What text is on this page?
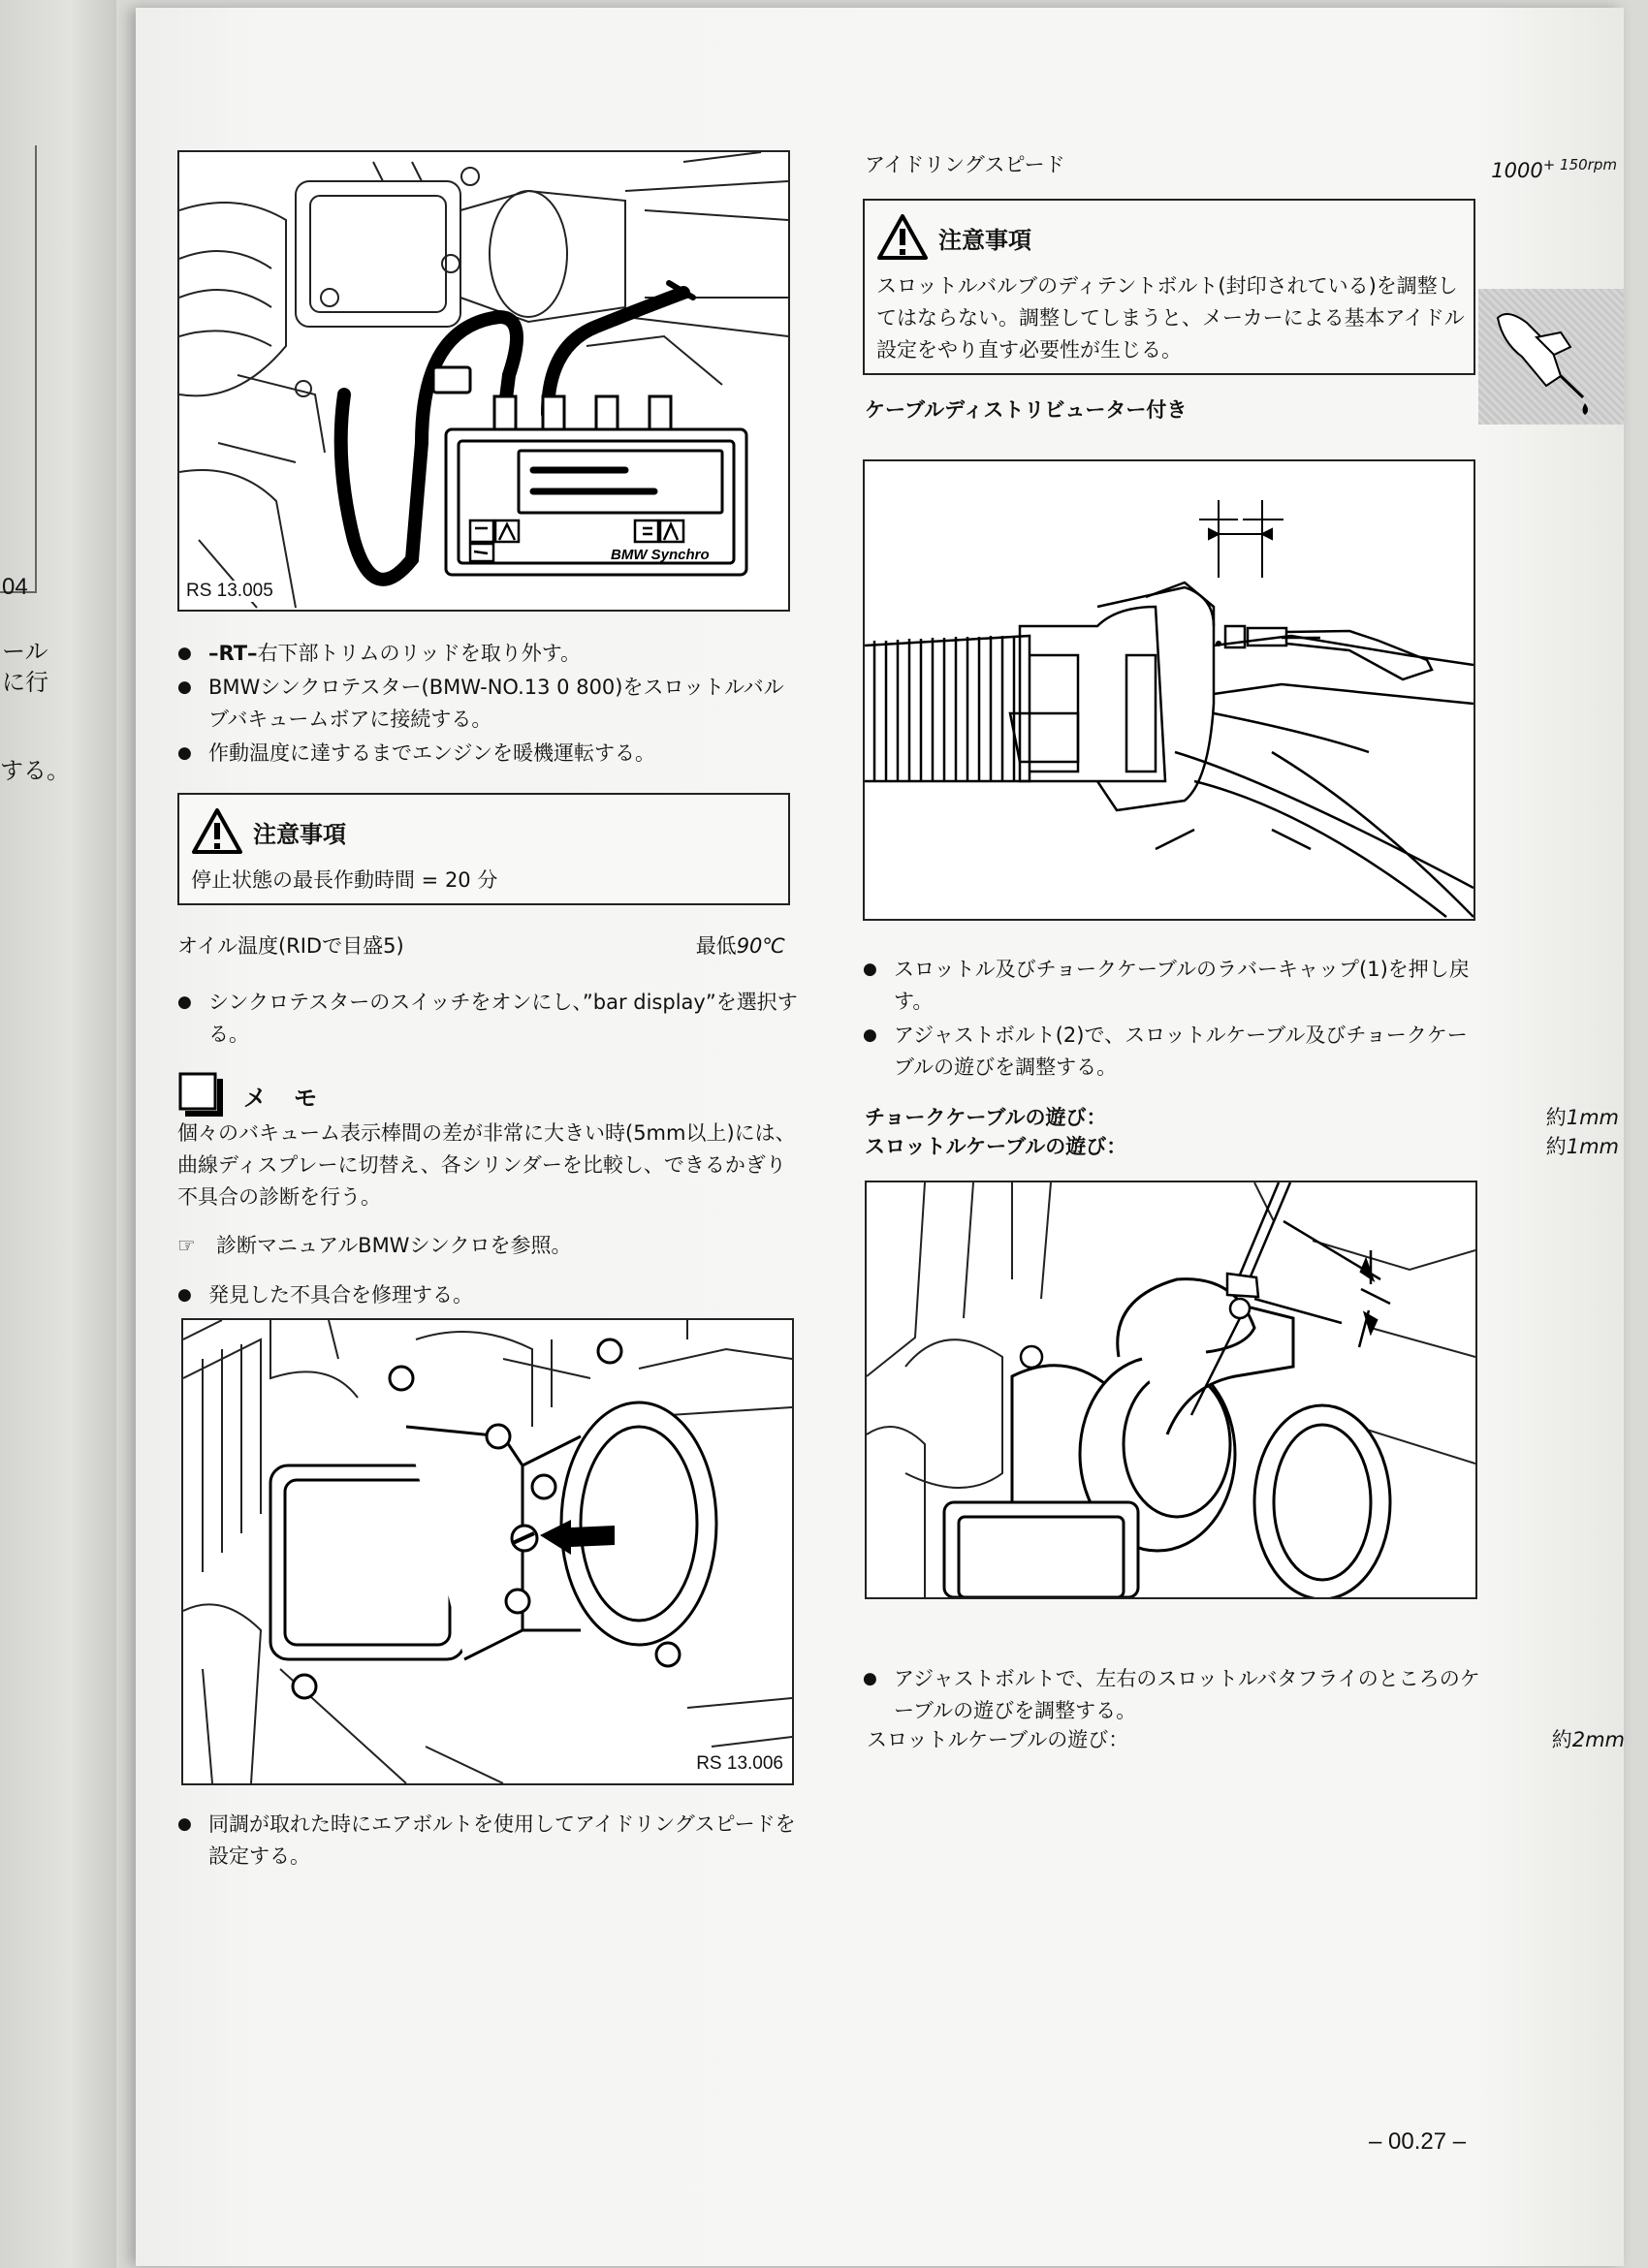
04
ール
に行
する。
BMW Synchro
RS 13.005
● –RT–右下部トリムのリッドを取り外す。
● BMWシンクロテスター(BMW-NO.13 0 800)をスロットルバルブバキュームボアに接続する。
● 作動温度に達するまでエンジンを暖機運転する。
注意事項
停止状態の最長作動時間 = 20 分
オイル温度(RIDで目盛5)	最低90℃
● シンクロテスターのスイッチをオンにし、”bar display”を選択する。
メ　モ
個々のバキューム表示棒間の差が非常に大きい時(5mm以上)には、曲線ディスプレーに切替え、各シリンダーを比較し、できるかぎり不具合の診断を行う。
☞ 診断マニュアルBMWシンクロを参照。
● 発見した不具合を修理する。
RS 13.006
● 同調が取れた時にエアボルトを使用してアイドリングスピードを設定する。
アイドリングスピード	$1000^{+ 150rpm}$
注意事項
スロットルバルブのディテントボルト(封印されている)を調整してはならない。調整してしまうと、メーカーによる基本アイドル設定をやり直す必要性が生じる。
ケーブルディストリビューター付き
● スロットル及びチョークケーブルのラバーキャップ(1)を押し戻す。
● アジャストボルト(2)で、スロットルケーブル及びチョークケーブルの遊びを調整する。
チョークケーブルの遊び：	約1mm
スロットルケーブルの遊び：	約1mm
● アジャストボルトで、左右のスロットルバタフライのところのケーブルの遊びを調整する。
スロットルケーブルの遊び：	約2mm
– 00.27 –
